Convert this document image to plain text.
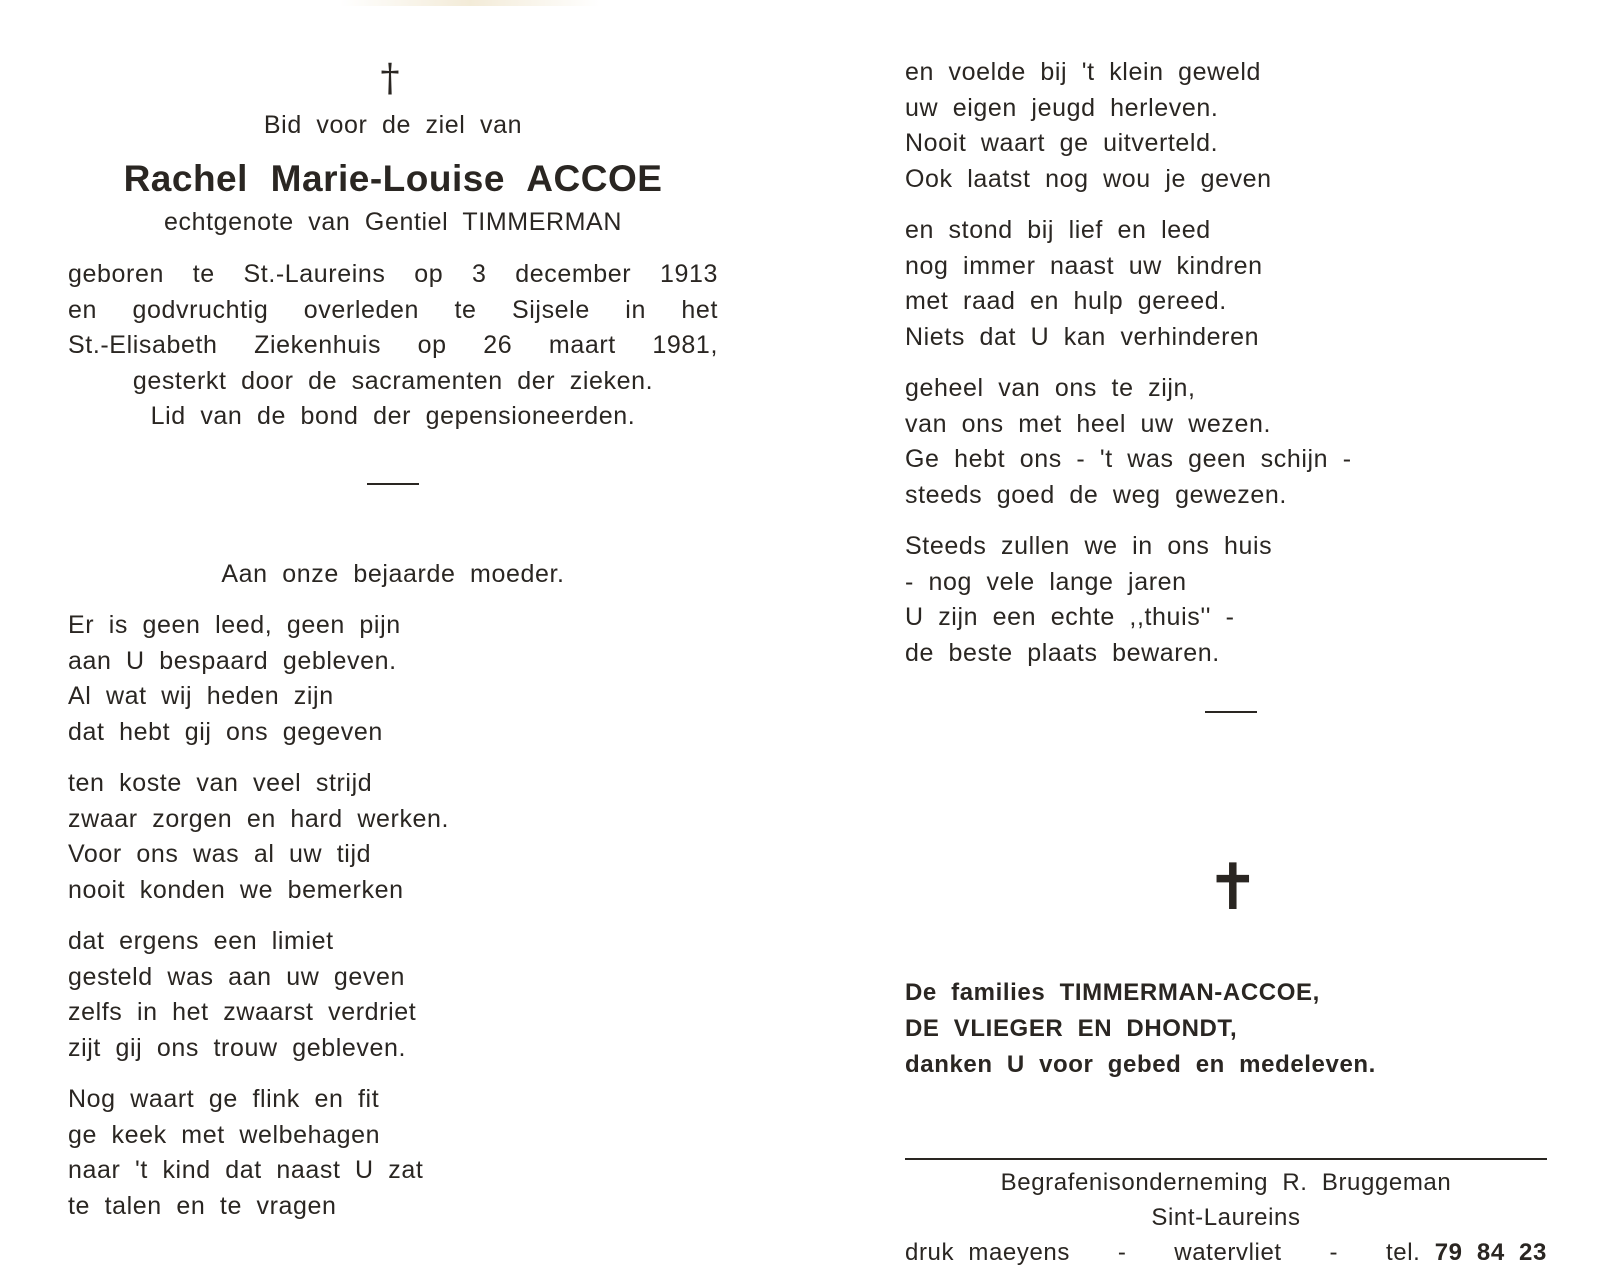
†
Bid voor de ziel van
Rachel Marie-Louise ACCOE
echtgenote van Gentiel TIMMERMAN
geboren te St.-Laureins op 3 december 1913
en godvruchtig overleden te Sijsele in het
St.-Elisabeth Ziekenhuis op 26 maart 1981,
gesterkt door de sacramenten der zieken.
Lid van de bond der gepensioneerden.
Aan onze bejaarde moeder.
Er is geen leed, geen pijn
aan U bespaard gebleven.
Al wat wij heden zijn
dat hebt gij ons gegeven
ten koste van veel strijd
zwaar zorgen en hard werken.
Voor ons was al uw tijd
nooit konden we bemerken
dat ergens een limiet
gesteld was aan uw geven
zelfs in het zwaarst verdriet
zijt gij ons trouw gebleven.
Nog waart ge flink en fit
ge keek met welbehagen
naar 't kind dat naast U zat
te talen en te vragen
en voelde bij 't klein geweld
uw eigen jeugd herleven.
Nooit waart ge uitverteld.
Ook laatst nog wou je geven
en stond bij lief en leed
nog immer naast uw kindren
met raad en hulp gereed.
Niets dat U kan verhinderen
geheel van ons te zijn,
van ons met heel uw wezen.
Ge hebt ons - 't was geen schijn -
steeds goed de weg gewezen.
Steeds zullen we in ons huis
- nog vele lange jaren
U zijn een echte ,,thuis'' -
de beste plaats bewaren.
✝
De families TIMMERMAN-ACCOE,
DE VLIEGER EN DHONDT,
danken U voor gebed en medeleven.
Begrafenisonderneming R. Bruggeman
Sint-Laureins
druk maeyens - watervliet - tel. 79 84 23
